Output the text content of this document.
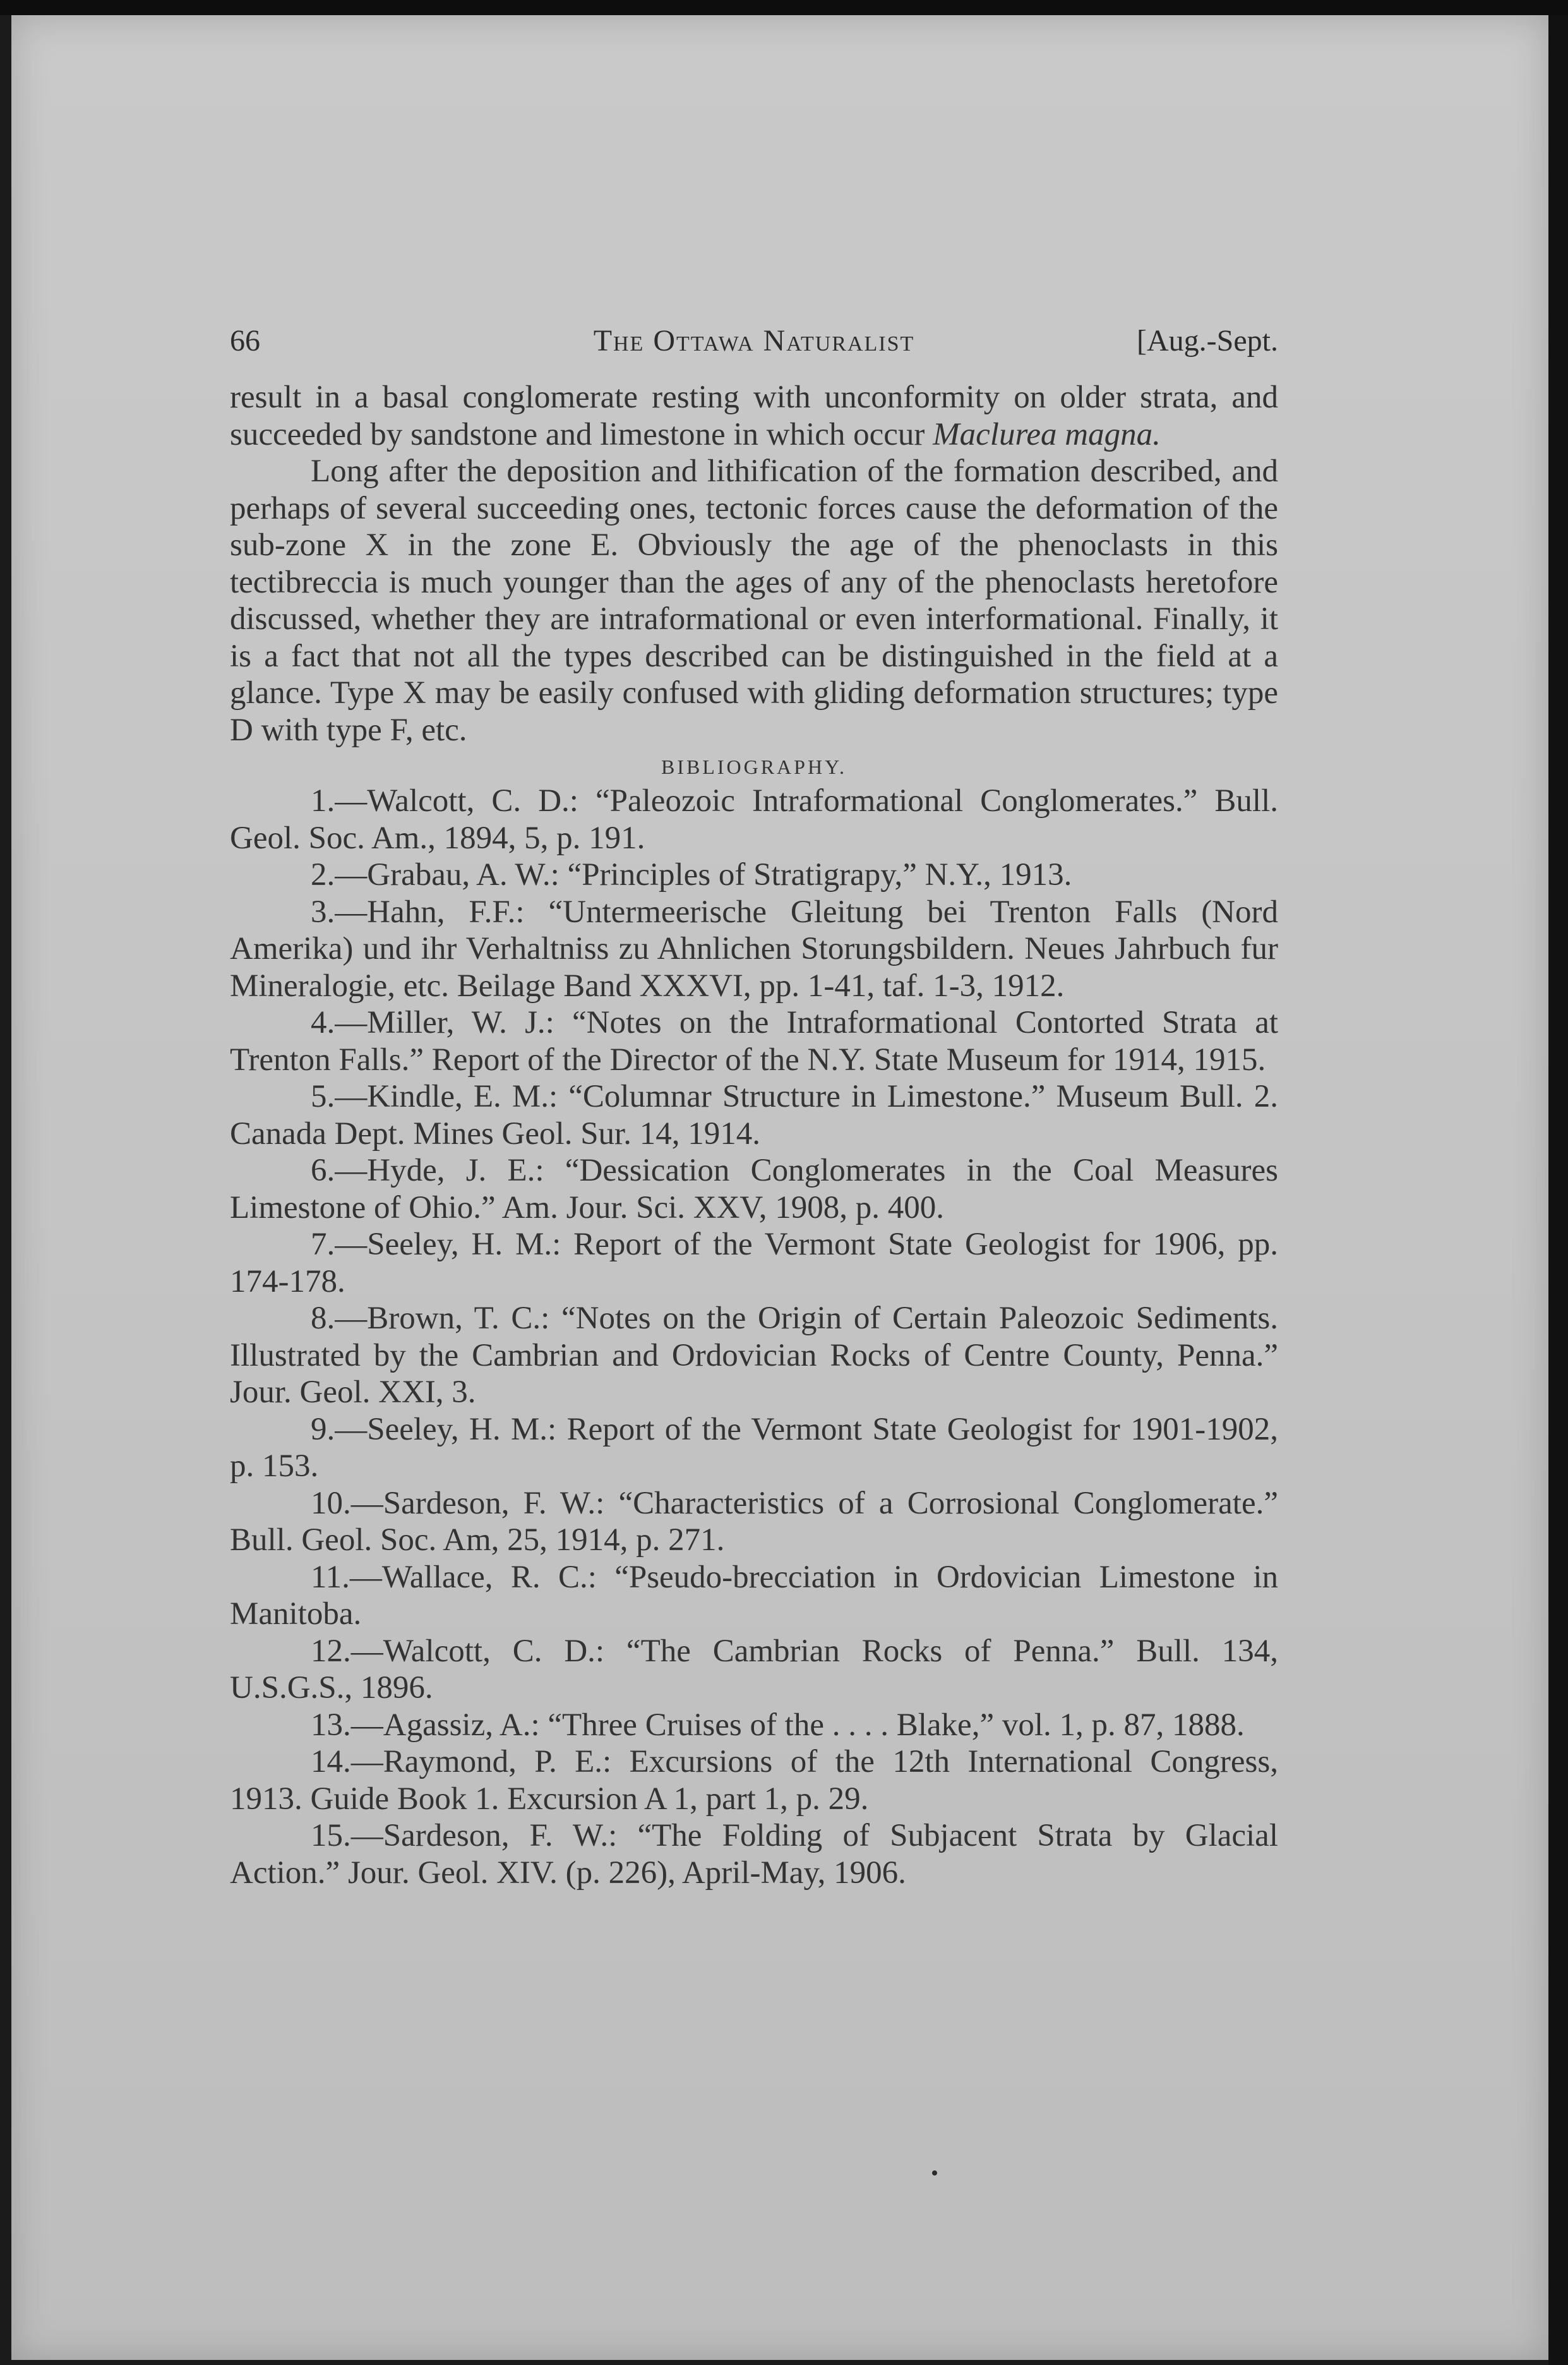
66	The Ottawa Naturalist	[Aug.-Sept.

result in a basal conglomerate resting with unconformity on older strata, and succeeded by sandstone and limestone in which occur Maclurea magna.

Long after the deposition and lithification of the formation described, and perhaps of several succeeding ones, tectonic forces cause the deformation of the sub-zone X in the zone E. Obviously the age of the phenoclasts in this tectibreccia is much younger than the ages of any of the phenoclasts heretofore discussed, whether they are intraformational or even interformational. Finally, it is a fact that not all the types described can be distinguished in the field at a glance. Type X may be easily confused with gliding deformation structures; type D with type F, etc.

BIBLIOGRAPHY.

1.—Walcott, C. D.: “Paleozoic Intraformational Conglomerates.” Bull. Geol. Soc. Am., 1894, 5, p. 191.

2.—Grabau, A. W.: “Principles of Stratigrapy,” N.Y., 1913.

3.—Hahn, F.F.: “Untermeerische Gleitung bei Trenton Falls (Nord Amerika) und ihr Verhaltniss zu Ahnlichen Storungsbildern. Neues Jahrbuch fur Mineralogie, etc. Beilage Band XXXVI, pp. 1-41, taf. 1-3, 1912.

4.—Miller, W. J.: “Notes on the Intraformational Contorted Strata at Trenton Falls.” Report of the Director of the N.Y. State Museum for 1914, 1915.

5.—Kindle, E. M.: “Columnar Structure in Limestone.” Museum Bull. 2. Canada Dept. Mines Geol. Sur. 14, 1914.

6.—Hyde, J. E.: “Dessication Conglomerates in the Coal Measures Limestone of Ohio.” Am. Jour. Sci. XXV, 1908, p. 400.

7.—Seeley, H. M.: Report of the Vermont State Geologist for 1906, pp. 174-178.

8.—Brown, T. C.: “Notes on the Origin of Certain Paleozoic Sediments. Illustrated by the Cambrian and Ordovician Rocks of Centre County, Penna.” Jour. Geol. XXI, 3.

9.—Seeley, H. M.: Report of the Vermont State Geologist for 1901-1902, p. 153.

10.—Sardeson, F. W.: “Characteristics of a Corrosional Conglomerate.” Bull. Geol. Soc. Am, 25, 1914, p. 271.

11.—Wallace, R. C.: “Pseudo-brecciation in Ordovician Limestone in Manitoba.

12.—Walcott, C. D.: “The Cambrian Rocks of Penna.” Bull. 134, U.S.G.S., 1896.

13.—Agassiz, A.: “Three Cruises of the . . . . Blake,” vol. 1, p. 87, 1888.

14.—Raymond, P. E.: Excursions of the 12th International Congress, 1913. Guide Book 1. Excursion A 1, part 1, p. 29.

15.—Sardeson, F. W.: “The Folding of Subjacent Strata by Glacial Action.” Jour. Geol. XIV. (p. 226), April-May, 1906.
